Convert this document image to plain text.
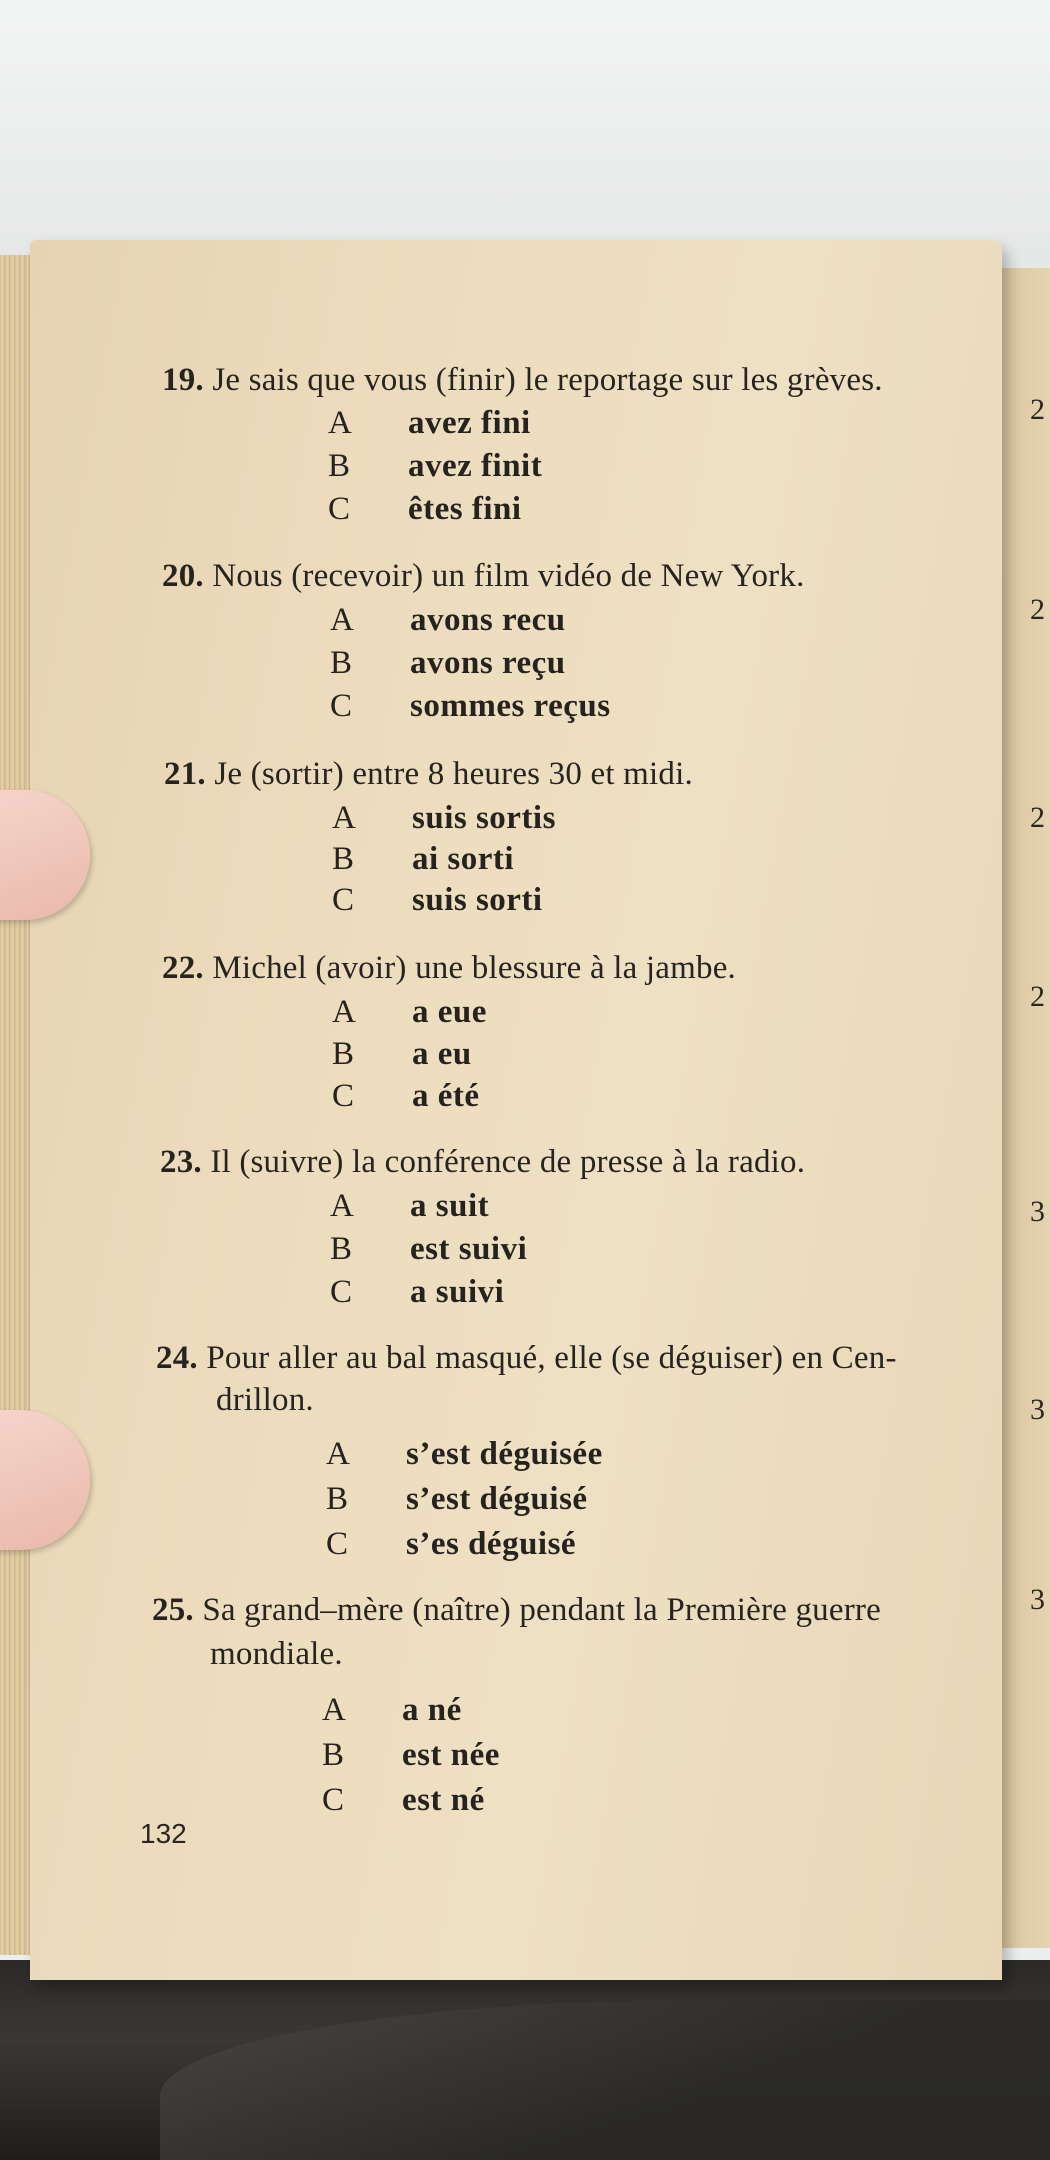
2
2
2
2
3
3
3
19. Je sais que vous (finir) le reportage sur les grèves.
A avez fini
B avez finit
C êtes fini
20. Nous (recevoir) un film vidéo de New York.
A avons recu
B avons reçu
C sommes reçus
21. Je (sortir) entre 8 heures 30 et midi.
A suis sortis
B ai sorti
C suis sorti
22. Michel (avoir) une blessure à la jambe.
A a eue
B a eu
C a été
23. Il (suivre) la conférence de presse à la radio.
A a suit
B est suivi
C a suivi
24. Pour aller au bal masqué, elle (se déguiser) en Cen-
drillon.
A s’est déguisée
B s’est déguisé
C s’es déguisé
25. Sa grand–mère (naître) pendant la Première guerre
mondiale.
A a né
B est née
C est né
132
